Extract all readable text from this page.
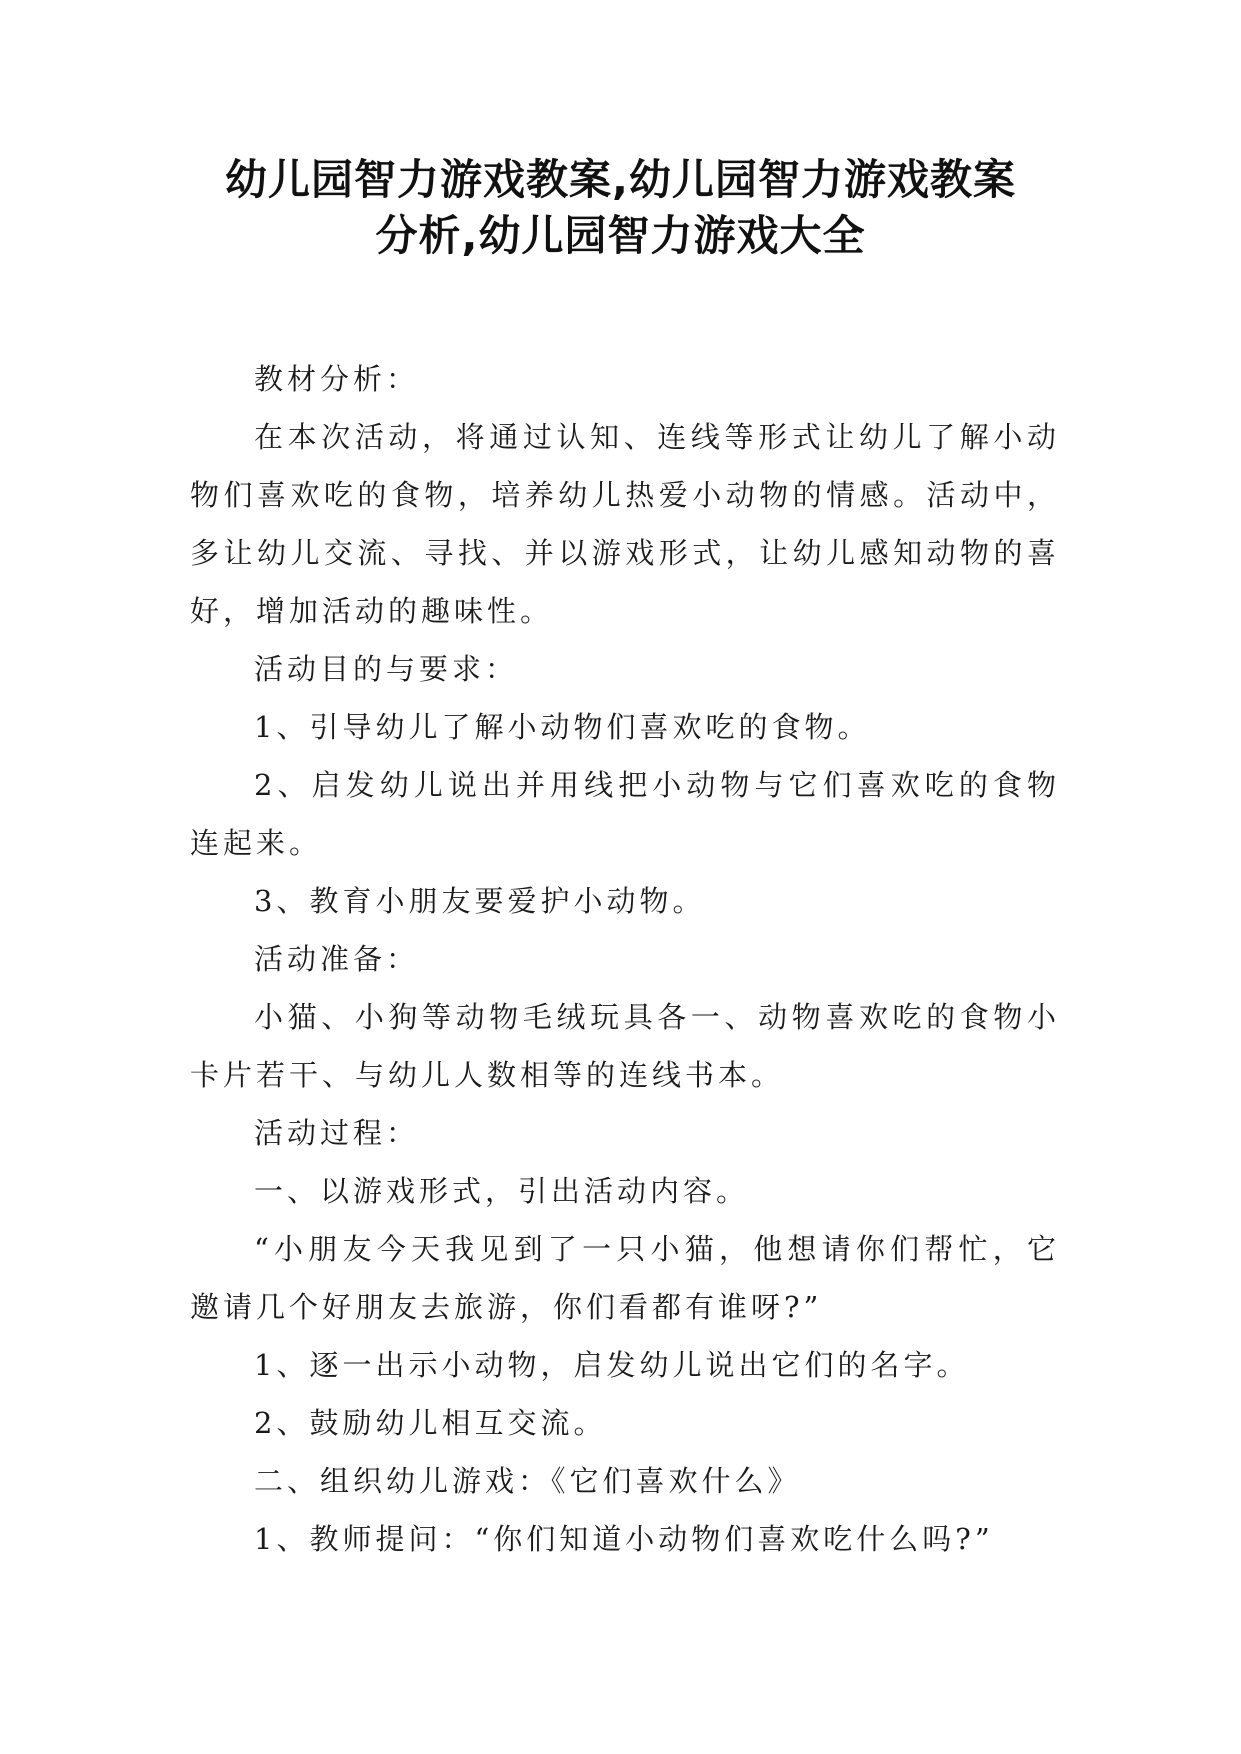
幼儿园智力游戏教案,幼儿园智力游戏教案
分析,幼儿园智力游戏大全

教材分析：

在本次活动，将通过认知、连线等形式让幼儿了解小动物们喜欢吃的食物，培养幼儿热爱小动物的情感。活动中，多让幼儿交流、寻找、并以游戏形式，让幼儿感知动物的喜好，增加活动的趣味性。

活动目的与要求：

1、引导幼儿了解小动物们喜欢吃的食物。

2、启发幼儿说出并用线把小动物与它们喜欢吃的食物连起来。

3、教育小朋友要爱护小动物。

活动准备：

小猫、小狗等动物毛绒玩具各一、动物喜欢吃的食物小卡片若干、与幼儿人数相等的连线书本。

活动过程：

一、以游戏形式，引出活动内容。

“小朋友今天我见到了一只小猫，他想请你们帮忙，它邀请几个好朋友去旅游，你们看都有谁呀?”

1、逐一出示小动物，启发幼儿说出它们的名字。

2、鼓励幼儿相互交流。

二、组织幼儿游戏：《它们喜欢什么》

1、教师提问：“你们知道小动物们喜欢吃什么吗?”
